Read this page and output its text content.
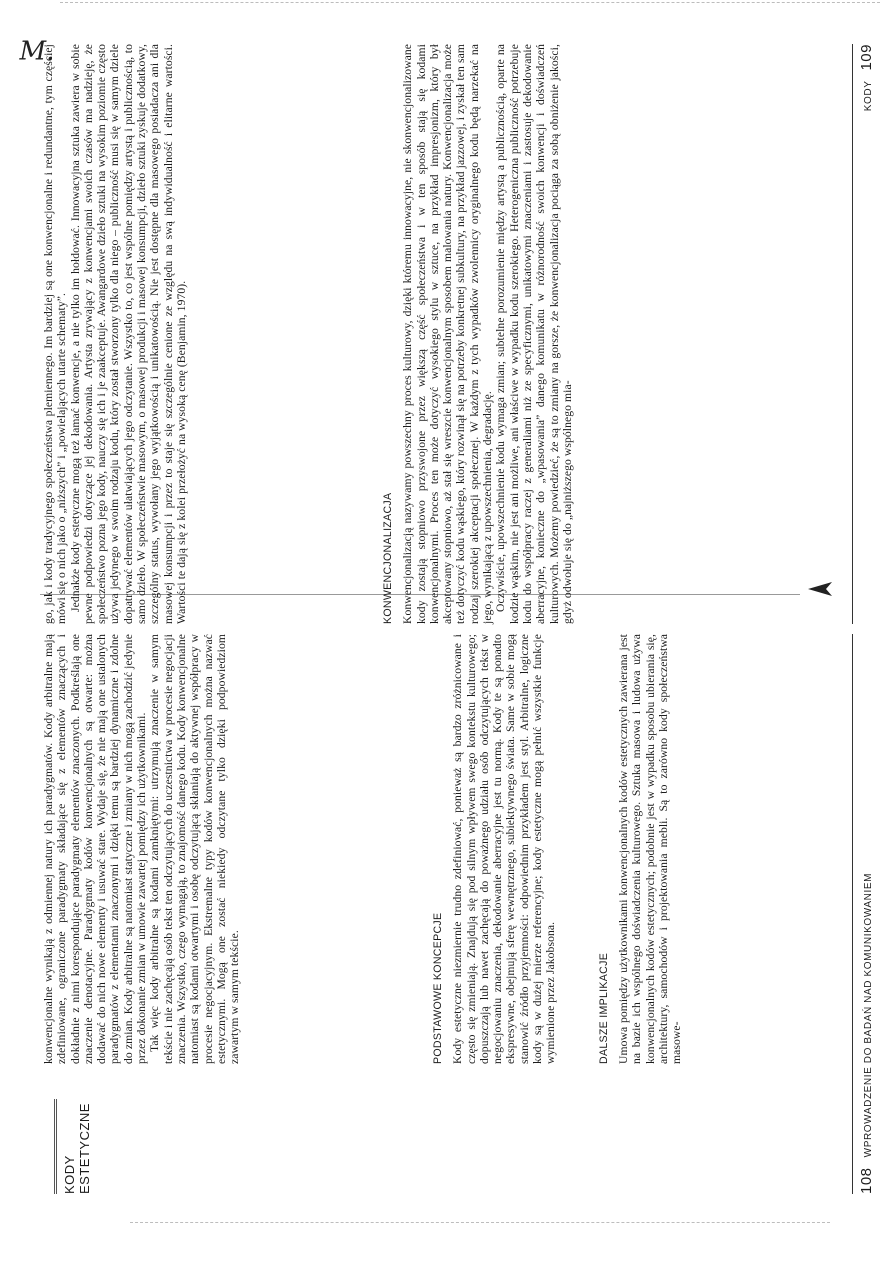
KODY ESTETYCZNE

konwencjonalne wynikają z odmiennej natury ich paradygmatów. Kody arbitralne mają zdefiniowane, ograniczone paradygmaty składające się z elementów znaczących i dokładnie z nimi korespondujące paradygmaty elementów znaczonych. Podkreślają one znaczenie denotacyjne. Paradygmaty kodów konwencjonalnych są otwarte: można dodawać do nich nowe elementy i usuwać stare. Wydaje się, że nie mają one ustalonych paradygmatów z elementami znaczonymi i dzięki temu są bardziej dynamiczne i zdolne do zmian. Kody arbitralne są natomiast statyczne i zmiany w nich mogą zachodzić jedynie przez dokonanie zmian w umowie zawartej pomiędzy ich użytkownikami. Tak więc kody arbitralne są kodami zamkniętymi: utrzymują znaczenie w samym tekście i nie zachęcają osób tekst ten odczytujących do uczestnictwa w procesie negocjacji znaczenia. Wszystko, czego wymagają, to znajomość danego kodu. Kody konwencjonalne natomiast są kodami otwartymi i osobę odczytującą skłaniają do aktywnej współpracy w procesie negocjacyjnym. Ekstremalne typy kodów konwencjonalnych można nazwać estetycznymi. Mogą one zostać niekiedy odczytane tylko dzięki podpowiedziom zawartym w samym tekście.	PODSTAWOWE KONCEPCJE Kody estetyczne niezmiernie trudno zdefiniować, ponieważ są bardzo zróżnicowane i często się zmieniają. Znajdują się pod silnym wpływem swego kontekstu kulturowego; dopuszczają lub nawet zachęcają do poważnego udziału osób odczytujących tekst w negocjowaniu znaczenia, dekodowanie aberracyjne jest tu normą. Kody te są ponadto ekspresywne, obejmują sferę wewnętrznego, subiektywnego świata. Same w sobie mogą stanowić źródło przyjemności: odpowiednim przykładem jest styl. Arbitralne, logiczne kody są w dużej mierze referencyjne; kody estetyczne mogą pełnić wszystkie funkcje wymienione przez Jakobsona.	DALSZE IMPLIKACJE Umowa pomiędzy użytkownikami konwencjonalnych kodów estetycznych zawierana jest na bazie ich wspólnego doświadczenia kulturowego. Sztuka masowa i ludowa używa konwencjonalnych kodów estetycznych; podobnie jest w wypadku sposobu ubierania się, architektury, samochodów i projektowania mebli. Są to zarówno kody społeczeństwa masowe-

108   WPROWADZENIE DO BADAŃ NAD KOMUNIKOWANIEM
M.

go, jak i kody tradycyjnego społeczeństwa plemiennego. Im bardziej są one konwencjonalne i redundantne, tym częściej mówi się o nich jako o „niższych” i „powielających utarte schematy”. Jednakże kody estetyczne mogą też łamać konwencje, a nie tylko im hołdować. Innowacyjna sztuka zawiera w sobie pewne podpowiedzi dotyczące jej dekodowania. Artysta zrywający z konwencjami swoich czasów ma nadzieję, że społeczeństwo pozna jego kody, nauczy się ich i je zaakceptuje. Awangardowe dzieło sztuki na wysokim poziomie często używa jedynego w swoim rodzaju kodu, który został stworzony tylko dla niego – publiczność musi się w samym dziele dopatrywać elementów ułatwiających jego odczytanie. Wszystko to, co jest wspólne pomiędzy artystą i publicznością, to samo dzieło. W społeczeństwie masowym, o masowej produkcji i masowej konsumpcji, dzieło sztuki zyskuje dodatkowy, szczególny status, wywołany jego wyjątkowością i unikatowością. Nie jest dostępne dla masowego posiadacza ani dla masowej konsumpcji i przez to staje się szczególnie cenione ze względu na swą indywidualność i elitarne wartości. Wartości te dają się z kolei przełożyć na wysoką cenę (Benjamin, 1970).	KONWENCJONALIZACJA Konwencjonalizacją nazywamy powszechny proces kulturowy, dzięki któremu innowacyjne, nie skonwencjonalizowane kody zostają stopniowo przyswojone przez większą część społeczeństwa i w ten sposób stają się kodami konwencjonalnymi. Proces ten może dotyczyć wysokiego stylu w sztuce, na przykład impresjonizm, który był akceptowany stopniowo, aż stał się wreszcie konwencjonalnym sposobem malowania natury. Konwencjonalizacja może też dotyczyć kodu wąskiego, który rozwinął się na potrzeby konkretnej subkultury, na przykład jazzowej, i zyskał ten sam rodzaj szerokiej akceptacji społecznej. W każdym z tych wypadków zwolennicy oryginalnego kodu będą narzekać na jego, wynikającą z upowszechnienia, degradację. Oczywiście, upowszechnienie kodu wymaga zmian; subtelne porozumienie między artystą a publicznością, oparte na kodzie wąskim, nie jest ani możliwe, ani właściwe w wypadku kodu szerokiego. Heterogeniczna publiczność potrzebuje kodu do współpracy raczej z generaliami niż ze specyficznymi, unikatowymi znaczeniami i zastosuje dekodowanie aberracyjne, konieczne do „wpasowania” danego komunikatu w różnorodność swoich konwencji i doświadczeń kulturowych. Możemy powiedzieć, że są to zmiany na gorsze, że konwencjonalizacja pociąga za sobą obniżenie jakości, gdyż odwołuje się do „najniższego wspólnego mia-

KODY   109
